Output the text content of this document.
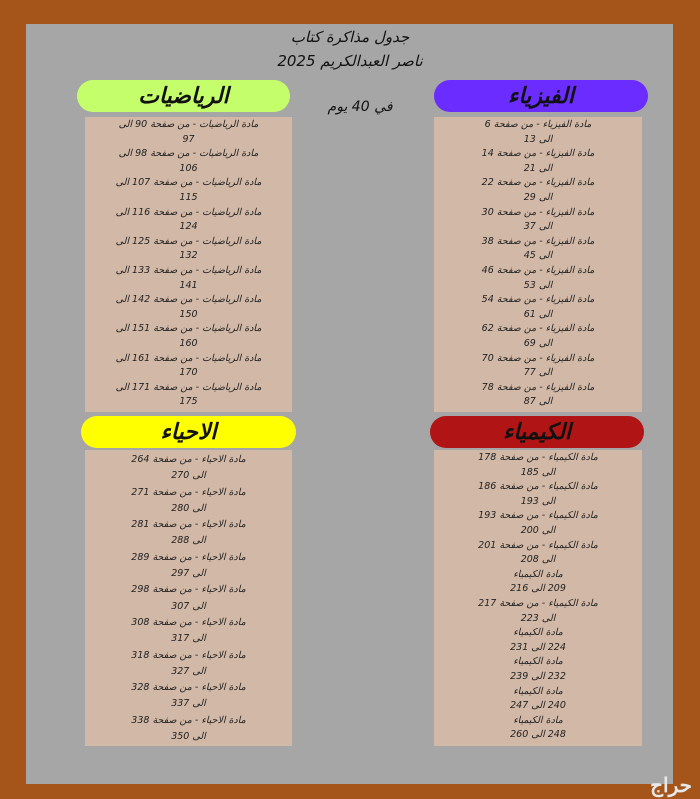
جدول مذاكرة كتاب
ناصر العبدالكريم 2025
في 40 يوم
الرياضيات
مادة الرياضيات - من صفحة 90 الى
97
مادة الرياضيات - من صفحة 98 الى
106
مادة الرياضيات - من صفحة 107 الى
115
مادة الرياضيات - من صفحة 116 الى
124
مادة الرياضيات - من صفحة 125 الى
132
مادة الرياضيات - من صفحة 133 الى
141
مادة الرياضيات - من صفحة 142 الى
150
مادة الرياضيات - من صفحة 151 الى
160
مادة الرياضيات - من صفحة 161 الى
170
مادة الرياضيات - من صفحة 171 الى
175
الفيزياء
مادة الفيزياء - من صفحة 6
الى 13
مادة الفيزياء - من صفحة 14
الى 21
مادة الفيزياء - من صفحة 22
الى 29
مادة الفيزياء - من صفحة 30
الى 37
مادة الفيزياء - من صفحة 38
الى 45
مادة الفيزياء - من صفحة 46
الى 53
مادة الفيزياء - من صفحة 54
الى 61
مادة الفيزياء - من صفحة 62
الى 69
مادة الفيزياء - من صفحة 70
الى 77
مادة الفيزياء - من صفحة 78
الى 87
الاحياء
مادة الاحياء - من صفحة 264
الى 270
مادة الاحياء - من صفحة 271
الى 280
مادة الاحياء - من صفحة 281
الى 288
مادة الاحياء - من صفحة 289
الى 297
مادة الاحياء - من صفحة 298
الى 307
مادة الاحياء - من صفحة 308
الى 317
مادة الاحياء - من صفحة 318
الى 327
مادة الاحياء - من صفحة 328
الى 337
مادة الاحياء - من صفحة 338
الى 350
الكيمياء
مادة الكيمياء - من صفحة 178
الى 185
مادة الكيمياء - من صفحة 186
الى 193
مادة الكيمياء - من صفحة 193
الى 200
مادة الكيمياء - من صفحة 201
الى 208
مادة الكيمياء
209 الى 216
مادة الكيمياء - من صفحة 217
الى 223
مادة الكيمياء
224 الى 231
مادة الكيمياء
232 الى 239
مادة الكيمياء
240 الى 247
مادة الكيمياء
248 الى 260
حراج
